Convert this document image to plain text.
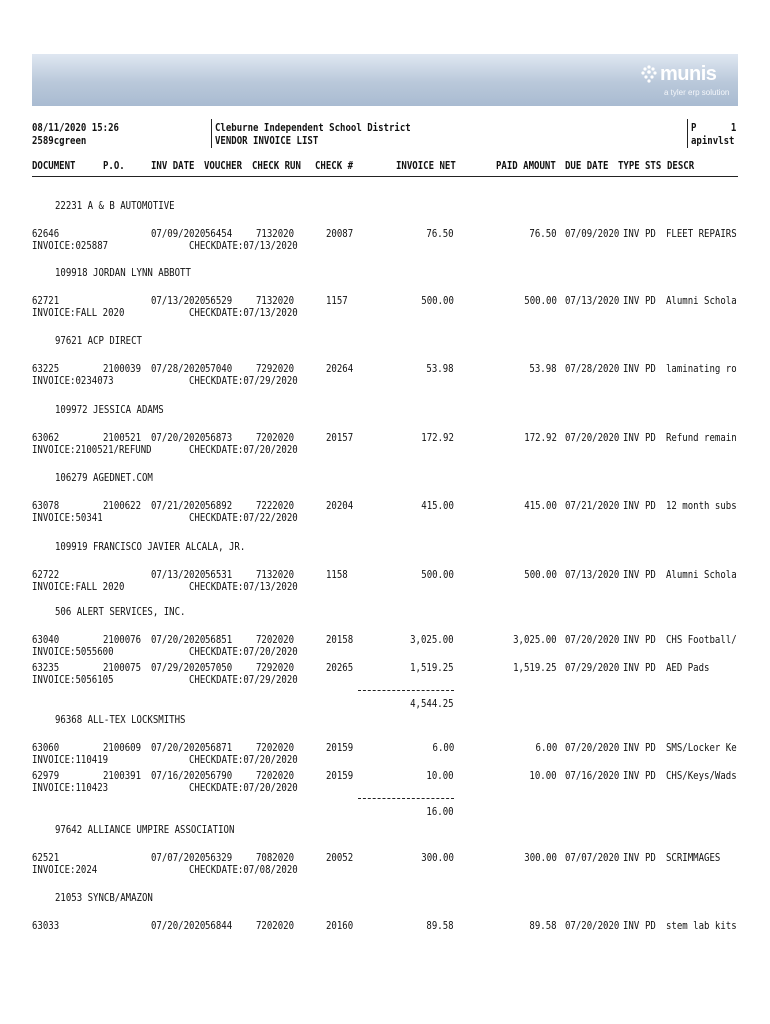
munis
a tyler erp solution
08/11/2020 15:26
2589cgreen
Cleburne Independent School District
VENDOR INVOICE LIST
P	1
apinvlst
DOCUMENT	P.O. INV DATE VOUCHER CHECK RUN CHECK #	INVOICE NET	PAID AMOUNT DUE DATE TYPE STS DESCR
22231 A & B AUTOMOTIVE
62646	07/09/2020 56454 7132020	20087	76.50	76.50 07/09/2020 INV PD FLEET REPAIRS
INVOICE:025887	CHECKDATE:07/13/2020
109918 JORDAN LYNN ABBOTT
62721	07/13/2020 56529 7132020	1157	500.00	500.00 07/13/2020 INV PD Alumni Schola
INVOICE:FALL 2020	CHECKDATE:07/13/2020
97621 ACP DIRECT
63225	2100039 07/28/2020 57040 7292020	20264	53.98	53.98 07/28/2020 INV PD laminating ro
INVOICE:0234073	CHECKDATE:07/29/2020
109972 JESSICA ADAMS
63062	2100521 07/20/2020 56873 7202020	20157	172.92	172.92 07/20/2020 INV PD Refund remain
INVOICE:2100521/REFUND	CHECKDATE:07/20/2020
106279 AGEDNET.COM
63078	2100622 07/21/2020 56892 7222020	20204	415.00	415.00 07/21/2020 INV PD 12 month subs
INVOICE:50341	CHECKDATE:07/22/2020
109919 FRANCISCO JAVIER ALCALA, JR.
62722	07/13/2020 56531 7132020	1158	500.00	500.00 07/13/2020 INV PD Alumni Schola
INVOICE:FALL 2020	CHECKDATE:07/13/2020
506 ALERT SERVICES, INC.
63040	2100076 07/20/2020 56851 7202020	20158	3,025.00	3,025.00 07/20/2020 INV PD CHS Football/
INVOICE:5055600	CHECKDATE:07/20/2020
63235	2100075 07/29/2020 57050 7292020	20265	1,519.25	1,519.25 07/29/2020 INV PD AED Pads
INVOICE:5056105	CHECKDATE:07/29/2020
4,544.25
96368 ALL-TEX LOCKSMITHS
63060	2100609 07/20/2020 56871 7202020	20159	6.00	6.00 07/20/2020 INV PD SMS/Locker Ke
INVOICE:110419	CHECKDATE:07/20/2020
62979	2100391 07/16/2020 56790 7202020	20159	10.00	10.00 07/16/2020 INV PD CHS/Keys/Wads
INVOICE:110423	CHECKDATE:07/20/2020
16.00
97642 ALLIANCE UMPIRE ASSOCIATION
62521	07/07/2020 56329 7082020	20052	300.00	300.00 07/07/2020 INV PD SCRIMMAGES
INVOICE:2024	CHECKDATE:07/08/2020
21053 SYNCB/AMAZON
63033	07/20/2020 56844 7202020	20160	89.58	89.58 07/20/2020 INV PD stem lab kits
